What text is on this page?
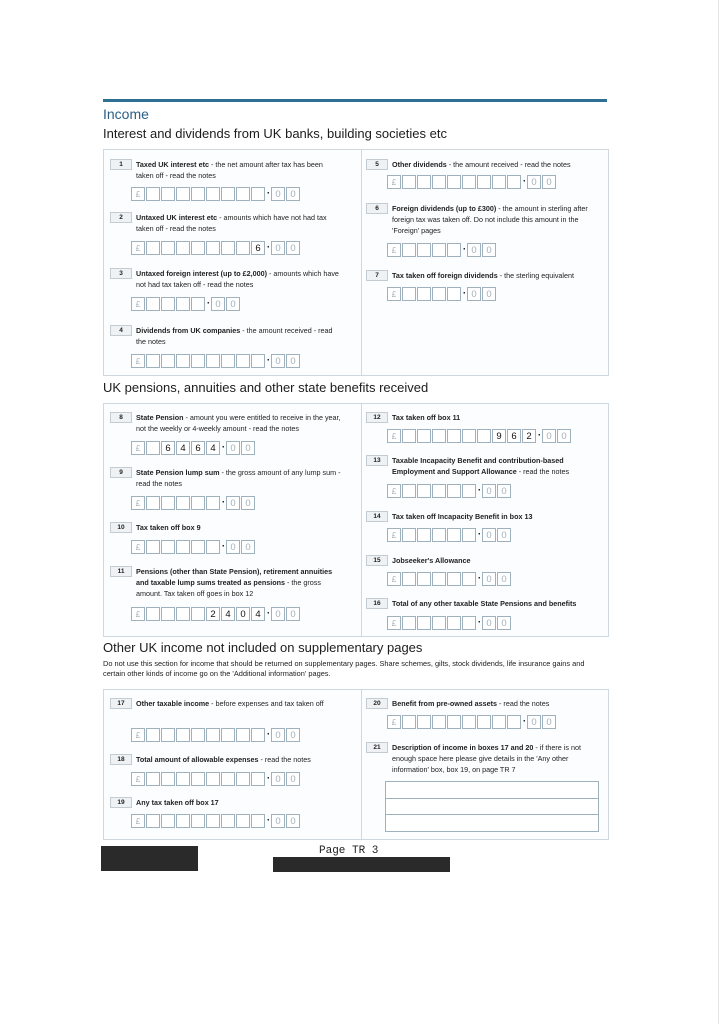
Income
Interest and dividends from UK banks, building societies etc
UK pensions, annuities and other state benefits received
Other UK income not included on supplementary pages
Do not use this section for income that should be returned on supplementary pages. Share schemes, gilts, stock dividends, life insurance gains and certain other kinds of income go on the 'Additional information' pages.
1	Taxed UK interest etc - the net amount after tax has been taken off - read the notes
£	· 0	0
2	Untaxed UK interest etc - amounts which have not had tax taken off - read the notes
£	6 · 0	0
3	Untaxed foreign interest (up to £2,000) - amounts which have not had tax taken off - read the notes
£	· 0	0
4	Dividends from UK companies - the amount received - read the notes
£	· 0	0
5	Other dividends - the amount received - read the notes
£	· 0	0
6	Foreign dividends (up to £300) - the amount in sterling after foreign tax was taken off. Do not include this amount in the 'Foreign' pages
£	· 0	0
7	Tax taken off foreign dividends - the sterling equivalent
£	· 0	0
8	State Pension - amount you were entitled to receive in the year, not the weekly or 4-weekly amount - read the notes
£	6	4	6	4 · 0	0
9	State Pension lump sum - the gross amount of any lump sum - read the notes
£	· 0	0
10	Tax taken off box 9
£	· 0	0
11	Pensions (other than State Pension), retirement annuities and taxable lump sums treated as pensions - the gross amount. Tax taken off goes in box 12
£	2	4	0	4 · 0	0
12	Tax taken off box 11
£	9	6	2 · 0	0
13	Taxable Incapacity Benefit and contribution-based Employment and Support Allowance - read the notes
£	· 0	0
14	Tax taken off Incapacity Benefit in box 13
£	· 0	0
15	Jobseeker's Allowance
£	· 0	0
16	Total of any other taxable State Pensions and benefits
£	· 0	0
17	Other taxable income - before expenses and tax taken off
£	· 0	0
18	Total amount of allowable expenses - read the notes
£	· 0	0
19	Any tax taken off box 17
£	· 0	0
20	Benefit from pre-owned assets - read the notes
£	· 0	0
21	Description of income in boxes 17 and 20 - if there is not enough space here please give details in the 'Any other information' box, box 19, on page TR 7
Page TR 3
